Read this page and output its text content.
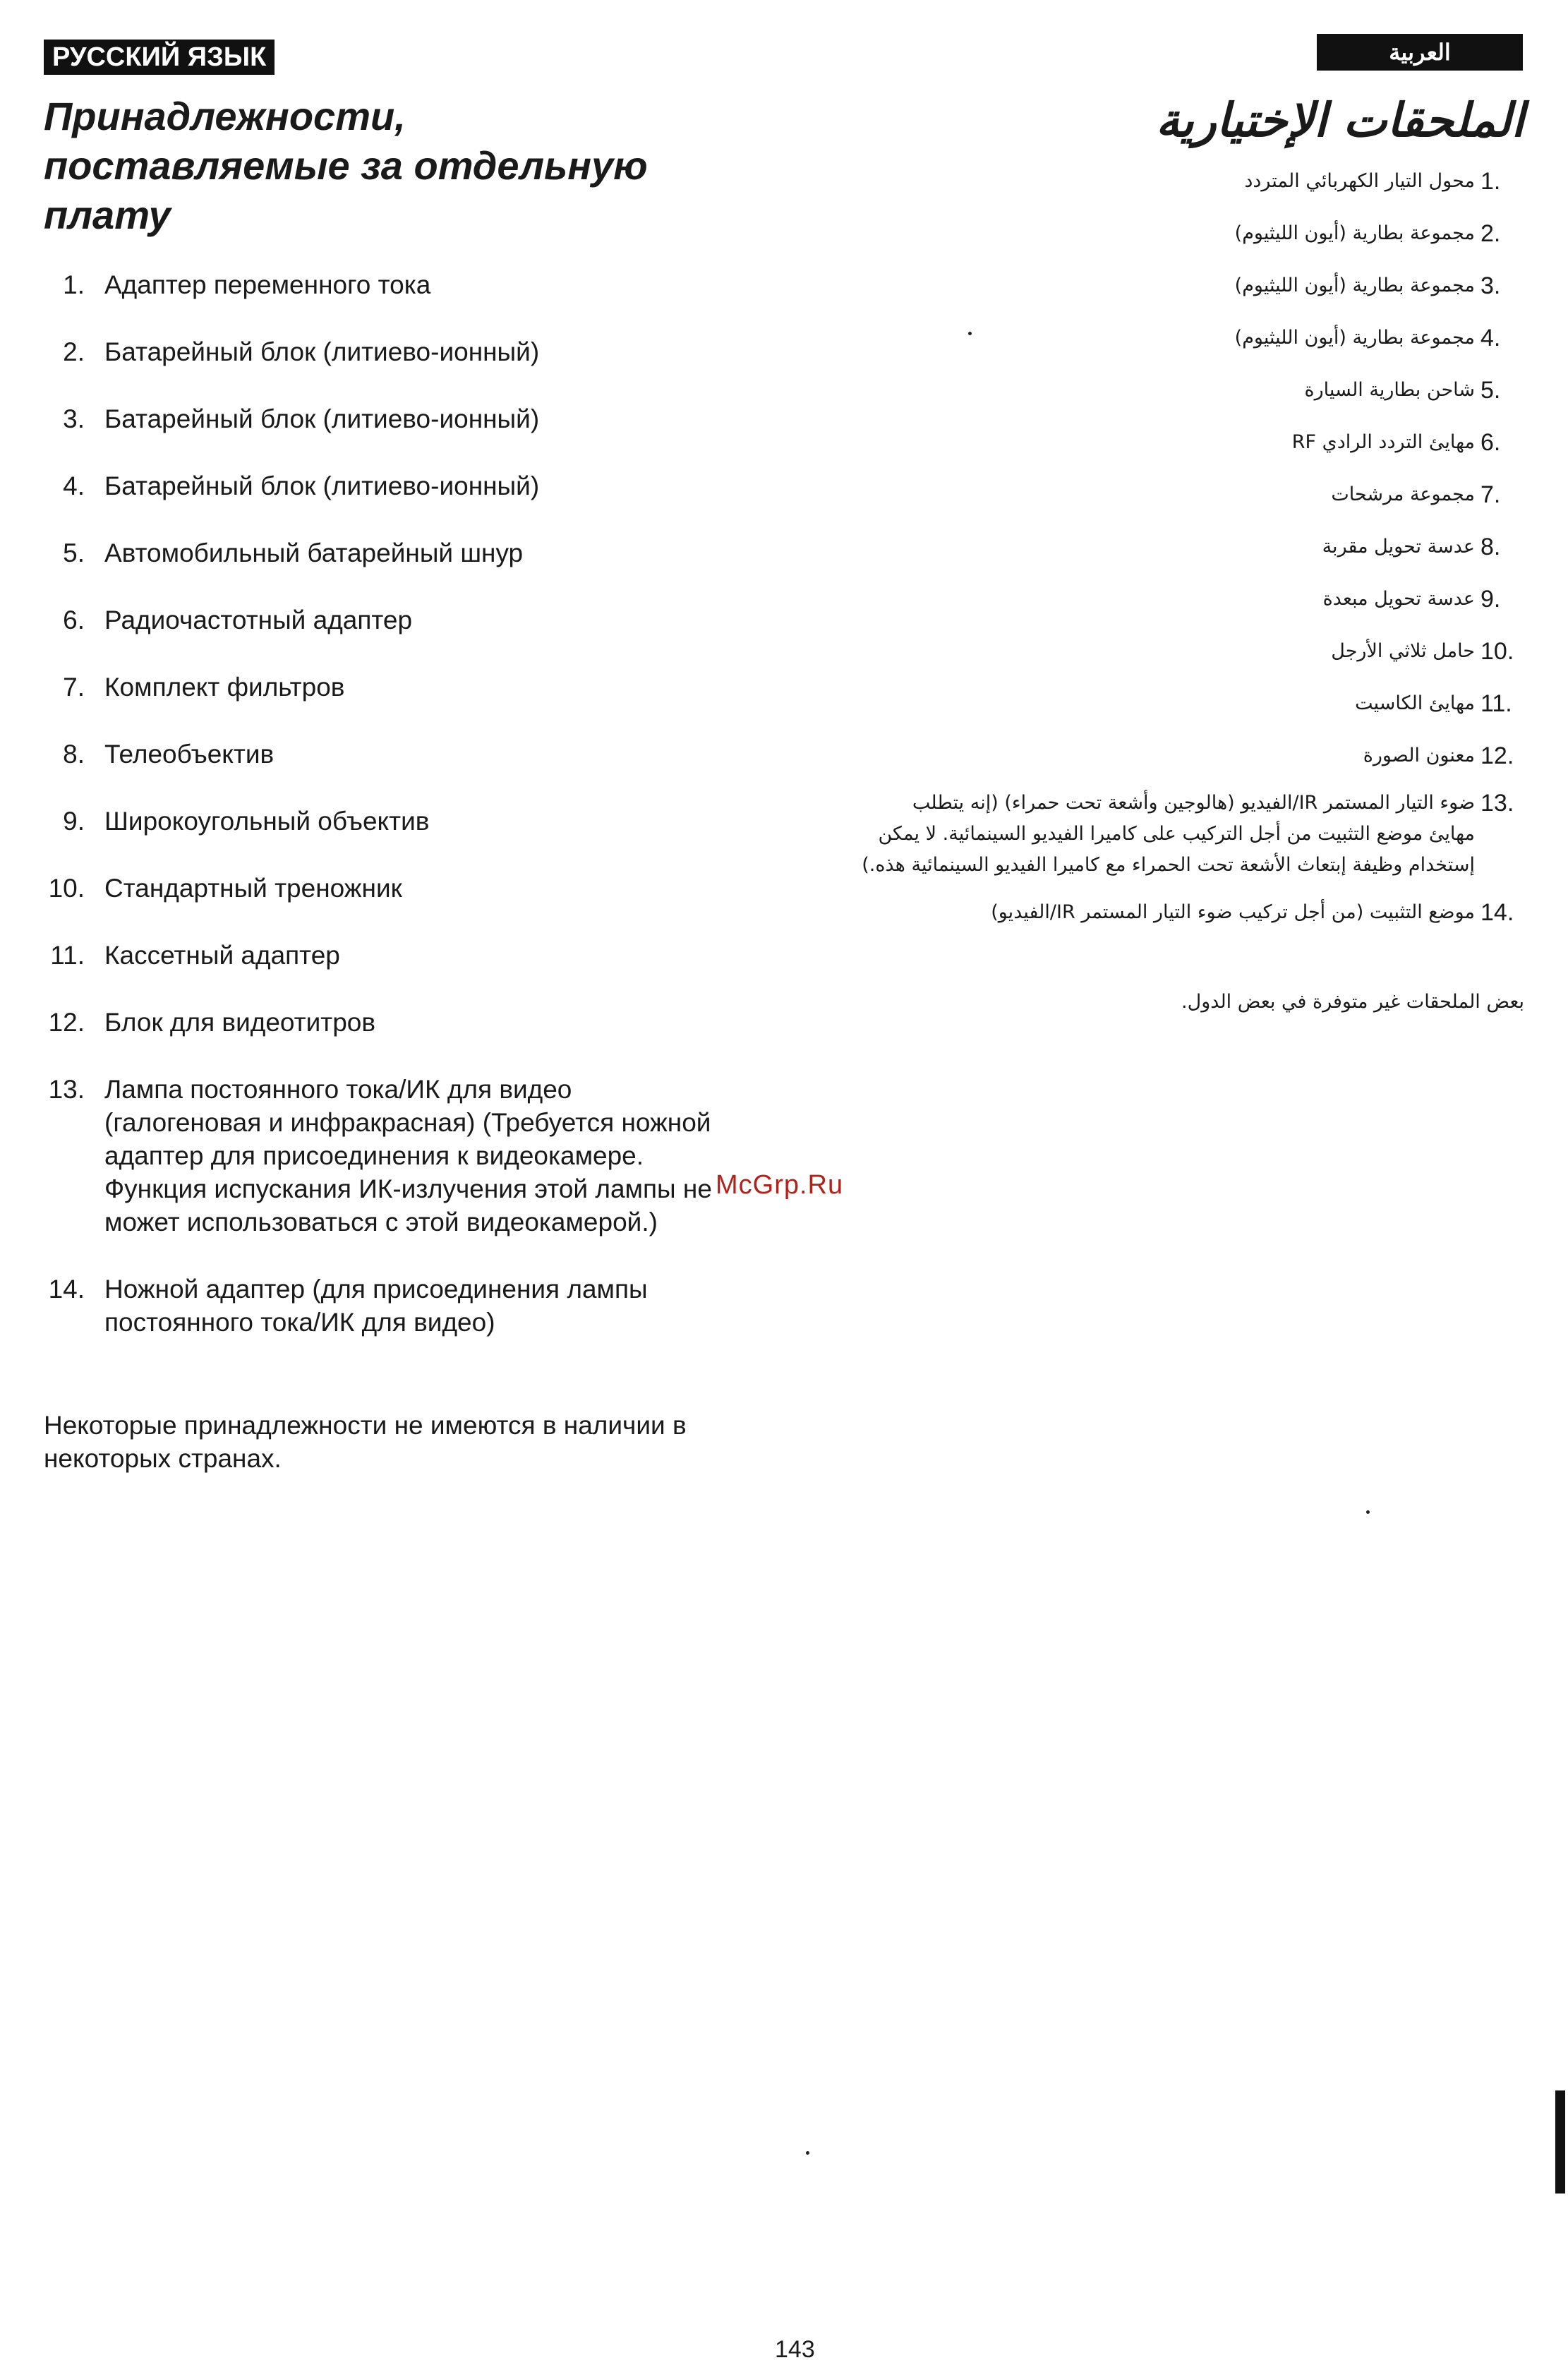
РУССКИЙ ЯЗЫК	العربية
Принадлежности, поставляемые за отдельную плату
1. Адаптер переменного тока
2. Батарейный блок (литиево-ионный)
3. Батарейный блок (литиево-ионный)
4. Батарейный блок (литиево-ионный)
5. Автомобильный батарейный шнур
6. Радиочастотный адаптер
7. Комплект фильтров
8. Телеобъектив
9. Широкоугольный объектив
10. Стандартный треножник
11. Кассетный адаптер
12. Блок для видеотитров
13. Лампа постоянного тока/ИК для видео (галогеновая и инфракрасная) (Требуется ножной адаптер для присоединения к видеокамере. Функция испускания ИК-излучения этой лампы не может использоваться с этой видеокамерой.)
14. Ножной адаптер (для присоединения лампы постоянного тока/ИК для видео)

Некоторые принадлежности не имеются в наличии в некоторых странах.

الملحقات الإختيارية
1.
محول التيار الكهربائي المتردد
2.
مجموعة بطارية (أيون الليثيوم)
3.
مجموعة بطارية (أيون الليثيوم)
4.
مجموعة بطارية (أيون الليثيوم)
5.
شاحن بطارية السيارة
6.
مهايئ التردد الرادي RF
7.
مجموعة مرشحات
8.
عدسة تحويل مقربة
9.
عدسة تحويل مبعدة
10.
حامل ثلاثي الأرجل
11.
مهايئ الكاسيت
12.
معنون الصورة
13.
ضوء التيار المستمر IR/الفيديو (هالوجين وأشعة تحت حمراء) (إنه يتطلب مهايئ موضع التثبيت من أجل التركيب على كاميرا الفيديو السينمائية. لا يمكن إستخدام وظيفة إبتعاث الأشعة تحت الحمراء مع كاميرا الفيديو السينمائية هذه.)
14.
موضع التثبيت (من أجل تركيب ضوء التيار المستمر IR/الفيديو)

بعض الملحقات غير متوفرة في بعض الدول.

McGrp.Ru
143
